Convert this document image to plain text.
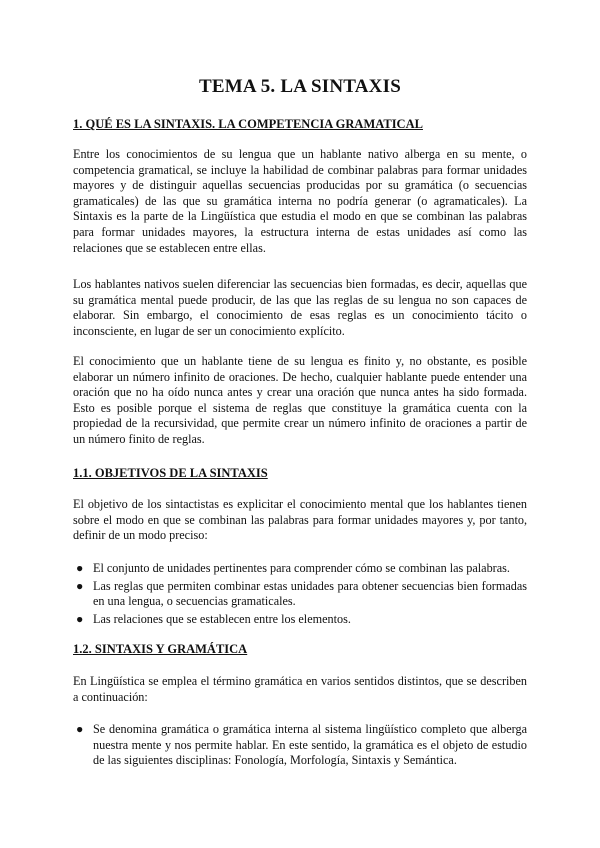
TEMA 5. LA SINTAXIS
1. QUÉ ES LA SINTAXIS. LA COMPETENCIA GRAMATICAL
Entre los conocimientos de su lengua que un hablante nativo alberga en su mente, o competencia gramatical, se incluye la habilidad de combinar palabras para formar unidades mayores y de distinguir aquellas secuencias producidas por su gramática (o secuencias gramaticales) de las que su gramática interna no podría generar (o agramaticales). La Sintaxis es la parte de la Lingüística que estudia el modo en que se combinan las palabras para formar unidades mayores, la estructura interna de estas unidades así como las relaciones que se establecen entre ellas.
Los hablantes nativos suelen diferenciar las secuencias bien formadas, es decir, aquellas que su gramática mental puede producir, de las que las reglas de su lengua no son capaces de elaborar. Sin embargo, el conocimiento de esas reglas es un conocimiento tácito o inconsciente, en lugar de ser un conocimiento explícito.
El conocimiento que un hablante tiene de su lengua es finito y, no obstante, es posible elaborar un número infinito de oraciones. De hecho, cualquier hablante puede entender una oración que no ha oído nunca antes y crear una oración que nunca antes ha sido formada. Esto es posible porque el sistema de reglas que constituye la gramática cuenta con la propiedad de la recursividad, que permite crear un número infinito de oraciones a partir de un número finito de reglas.
1.1. OBJETIVOS DE LA SINTAXIS
El objetivo de los sintactistas es explicitar el conocimiento mental que los hablantes tienen sobre el modo en que se combinan las palabras para formar unidades mayores y, por tanto, definir de un modo preciso:
● El conjunto de unidades pertinentes para comprender cómo se combinan las palabras.
● Las reglas que permiten combinar estas unidades para obtener secuencias bien formadas en una lengua, o secuencias gramaticales.
● Las relaciones que se establecen entre los elementos.
1.2. SINTAXIS Y GRAMÁTICA
En Lingüística se emplea el término gramática en varios sentidos distintos, que se describen a continuación:
● Se denomina gramática o gramática interna al sistema lingüístico completo que alberga nuestra mente y nos permite hablar. En este sentido, la gramática es el objeto de estudio de las siguientes disciplinas: Fonología, Morfología, Sintaxis y Semántica.
